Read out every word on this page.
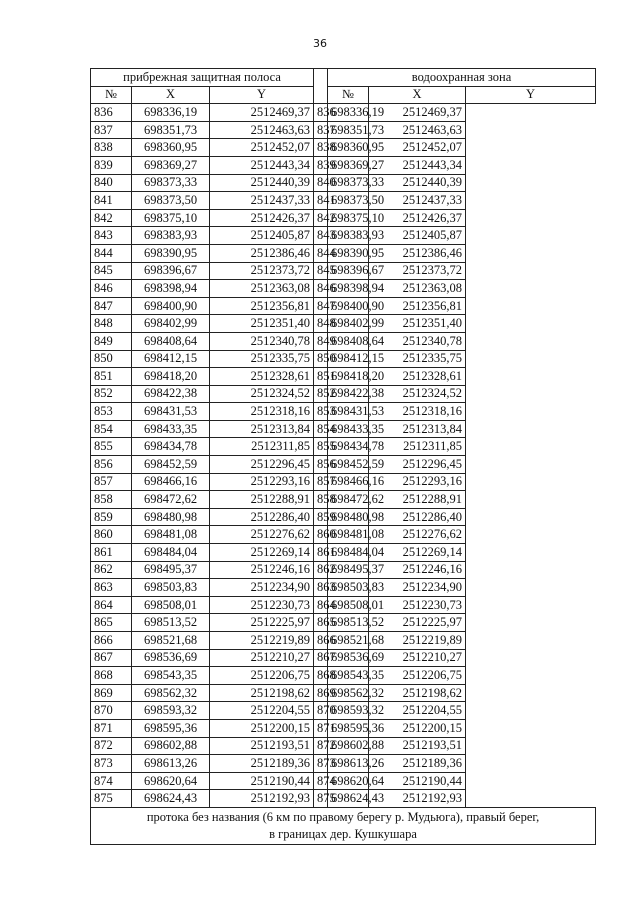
36
прибрежная защитная полоса				водоохранная зона		
№	X	Y		№	X	Y
836	698336,19	2512469,37	836	698336,19	2512469,37	
837	698351,73	2512463,63	837	698351,73	2512463,63	
838	698360,95	2512452,07	838	698360,95	2512452,07	
839	698369,27	2512443,34	839	698369,27	2512443,34	
840	698373,33	2512440,39	840	698373,33	2512440,39	
841	698373,50	2512437,33	841	698373,50	2512437,33	
842	698375,10	2512426,37	842	698375,10	2512426,37	
843	698383,93	2512405,87	843	698383,93	2512405,87	
844	698390,95	2512386,46	844	698390,95	2512386,46	
845	698396,67	2512373,72	845	698396,67	2512373,72	
846	698398,94	2512363,08	846	698398,94	2512363,08	
847	698400,90	2512356,81	847	698400,90	2512356,81	
848	698402,99	2512351,40	848	698402,99	2512351,40	
849	698408,64	2512340,78	849	698408,64	2512340,78	
850	698412,15	2512335,75	850	698412,15	2512335,75	
851	698418,20	2512328,61	851	698418,20	2512328,61	
852	698422,38	2512324,52	852	698422,38	2512324,52	
853	698431,53	2512318,16	853	698431,53	2512318,16	
854	698433,35	2512313,84	854	698433,35	2512313,84	
855	698434,78	2512311,85	855	698434,78	2512311,85	
856	698452,59	2512296,45	856	698452,59	2512296,45	
857	698466,16	2512293,16	857	698466,16	2512293,16	
858	698472,62	2512288,91	858	698472,62	2512288,91	
859	698480,98	2512286,40	859	698480,98	2512286,40	
860	698481,08	2512276,62	860	698481,08	2512276,62	
861	698484,04	2512269,14	861	698484,04	2512269,14	
862	698495,37	2512246,16	862	698495,37	2512246,16	
863	698503,83	2512234,90	863	698503,83	2512234,90	
864	698508,01	2512230,73	864	698508,01	2512230,73	
865	698513,52	2512225,97	865	698513,52	2512225,97	
866	698521,68	2512219,89	866	698521,68	2512219,89	
867	698536,69	2512210,27	867	698536,69	2512210,27	
868	698543,35	2512206,75	868	698543,35	2512206,75	
869	698562,32	2512198,62	869	698562,32	2512198,62	
870	698593,32	2512204,55	870	698593,32	2512204,55	
871	698595,36	2512200,15	871	698595,36	2512200,15	
872	698602,88	2512193,51	872	698602,88	2512193,51	
873	698613,26	2512189,36	873	698613,26	2512189,36	
874	698620,64	2512190,44	874	698620,64	2512190,44	
875	698624,43	2512192,93	875	698624,43	2512192,93	
протока без названия (6 км по правому берегу р. Мудьюга), правый берег,
в границах дер. Кушкушара						
